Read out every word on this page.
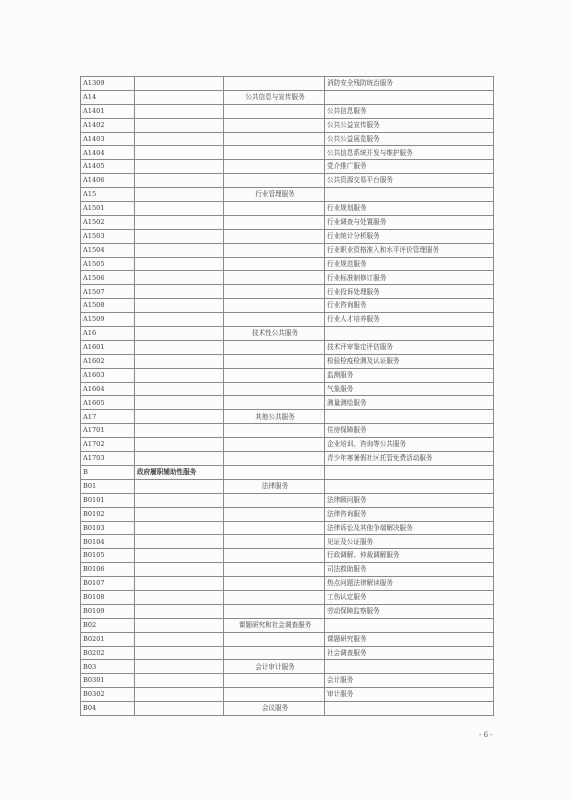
A1309			消防安全残防统治服务
A14		公共信息与宣传服务	
A1401			公共信息服务
A1402			公共公益宣传服务
A1403			公共公益展览服务
A1404			公共信息系统开发与维护服务
A1405			党介推广服务
A1406			公共资源交易平台服务
A15		行业管理服务	
A1501			行业规划服务
A1502			行业调查与处置服务
A1503			行业统计分析服务
A1504			行业职业资格准入和水平评价管理服务
A1505			行业规范服务
A1506			行业标准制修订服务
A1507			行业投诉处理服务
A1508			行业咨询服务
A1509			行业人才培养服务
A16		技术性公共服务	
A1601			技术评审鉴定评估服务
A1602			检验检疫检测及认证服务
A1603			监测服务
A1604			气象服务
A1605			测量测绘服务
A17		其他公共服务	
A1701			住房保障服务
A1702			企业培训、咨询等公共服务
A1703			青少年寒暑假社区托管免费活动服务
B	政府履职辅助性服务		
B01		法律服务	
B0101			法律顾问服务
B0102			法律咨询服务
B0103			法律诉讼及其他争端解决服务
B0104			见证及公证服务
B0105			行政调解、仲裁调解服务
B0106			司法救助服务
B0107			热点问题法律解读服务
B0108			工伤认定服务
B0109			劳动保障监察服务
B02		课题研究和社会调查服务	
B0201			课题研究服务
B0202			社会调查服务
B03		会计审计服务	
B0301			会计服务
B0302			审计服务
B04		会议服务	
- 6 -
